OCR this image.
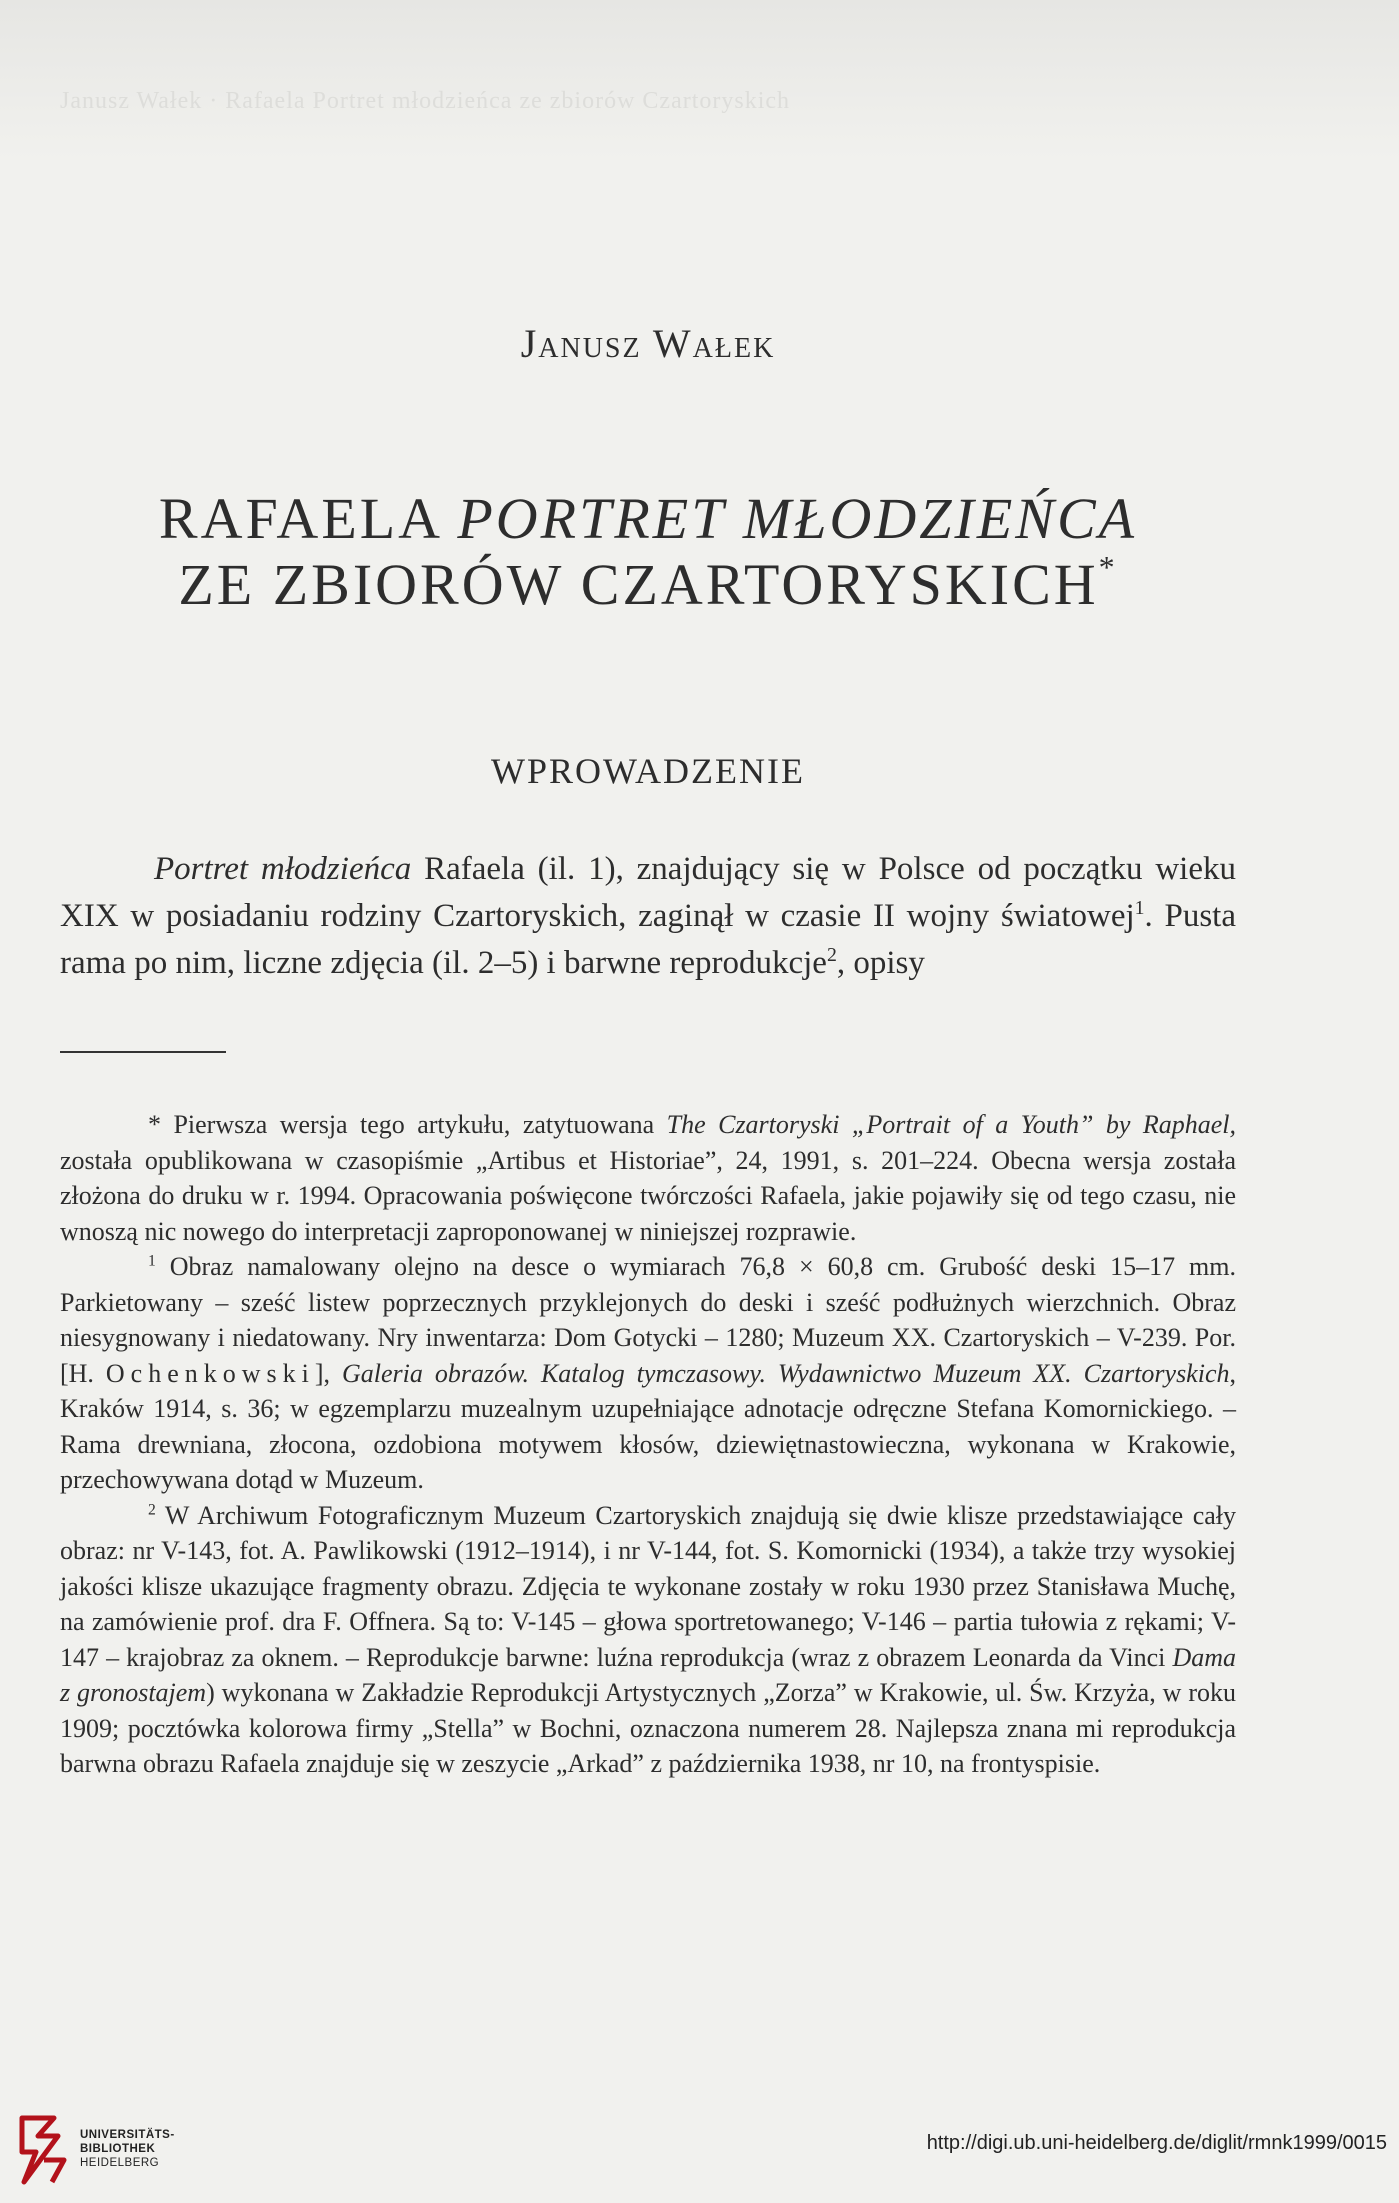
Janusz Wałek · Rafaela Portret młodzieńca ze zbiorów Czartoryskich
Janusz Wałek
RAFAELA PORTRET MŁODZIEŃCA
ZE ZBIORÓW CZARTORYSKICH*
WPROWADZENIE

Portret młodzieńca Rafaela (il. 1), znajdujący się w Polsce od początku wieku XIX w posiadaniu rodziny Czartoryskich, zaginął w czasie II wojny światowej$^1$. Pusta rama po nim, liczne zdjęcia (il. 2–5) i barwne reprodukcje$^2$, opisy

* Pierwsza wersja tego artykułu, zatytuowana The Czartoryski „Portrait of a Youth” by Raphael, została opublikowana w czasopiśmie „Artibus et Historiae”, 24, 1991, s. 201–224. Obecna wersja została złożona do druku w r. 1994. Opracowania poświęcone twórczości Rafaela, jakie pojawiły się od tego czasu, nie wnoszą nic nowego do interpretacji zaproponowanej w niniejszej rozprawie.

$^1$ Obraz namalowany olejno na desce o wymiarach 76,8 × 60,8 cm. Grubość deski 15–17 mm. Parkietowany – sześć listew poprzecznych przyklejonych do deski i sześć podłużnych wierzchnich. Obraz niesygnowany i niedatowany. Nry inwentarza: Dom Gotycki – 1280; Muzeum XX. Czartoryskich – V-239. Por. [H. Ochenkowski], Galeria obrazów. Katalog tymczasowy. Wydawnictwo Muzeum XX. Czartoryskich, Kraków 1914, s. 36; w egzemplarzu muzealnym uzupełniające adnotacje odręczne Stefana Komornickiego. – Rama drewniana, złocona, ozdobiona motywem kłosów, dziewiętnastowieczna, wykonana w Krakowie, przechowywana dotąd w Muzeum.

$^2$ W Archiwum Fotograficznym Muzeum Czartoryskich znajdują się dwie klisze przedstawiające cały obraz: nr V-143, fot. A. Pawlikowski (1912–1914), i nr V-144, fot. S. Komornicki (1934), a także trzy wysokiej jakości klisze ukazujące fragmenty obrazu. Zdjęcia te wykonane zostały w roku 1930 przez Stanisława Muchę, na zamówienie prof. dra F. Offnera. Są to: V-145 – głowa sportretowanego; V-146 – partia tułowia z rękami; V-147 – krajobraz za oknem. – Reprodukcje barwne: luźna reprodukcja (wraz z obrazem Leonarda da Vinci Dama z gronostajem) wykonana w Zakładzie Reprodukcji Artystycznych „Zorza” w Krakowie, ul. Św. Krzyża, w roku 1909; pocztówka kolorowa firmy „Stella” w Bochni, oznaczona numerem 28. Najlepsza znana mi reprodukcja barwna obrazu Rafaela znajduje się w zeszycie „Arkad” z października 1938, nr 10, na frontyspisie.

UNIVERSITÄTS-
BIBLIOTHEK
HEIDELBERG
http://digi.ub.uni-heidelberg.de/diglit/rmnk1999/0015
